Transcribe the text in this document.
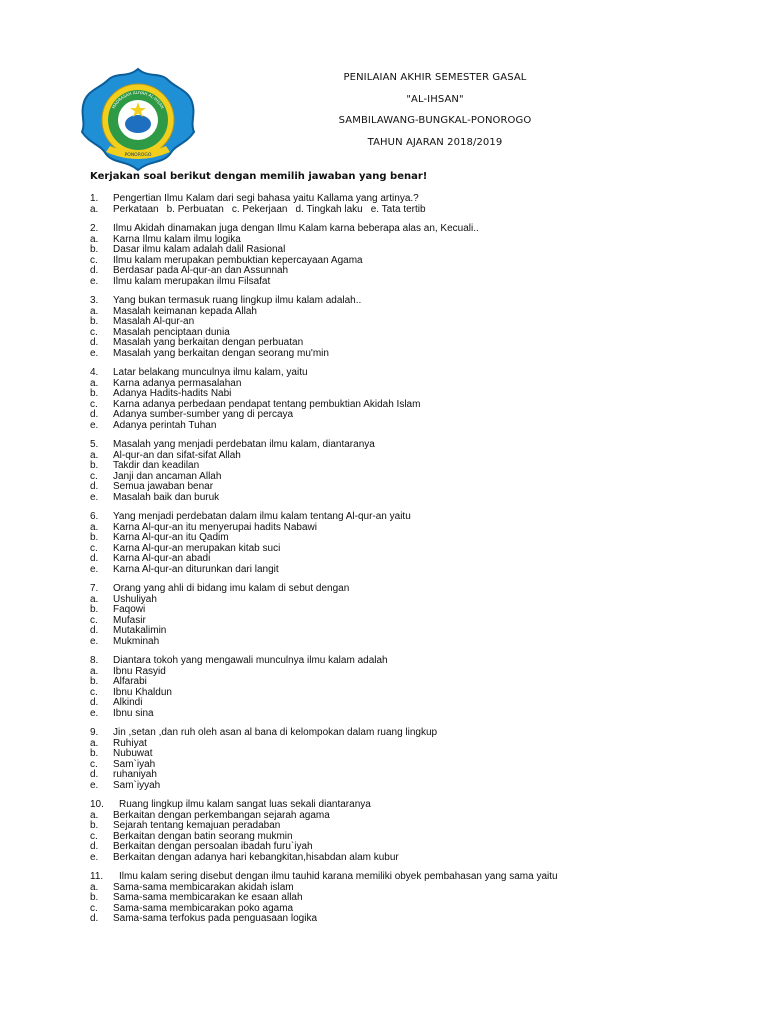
PONOROGO
MADRASAH ALIYAH AL-IHSAN
PENILAIAN AKHIR SEMESTER GASAL
"AL-IHSAN"
SAMBILAWANG-BUNGKAL-PONOROGO
TAHUN AJARAN 2018/2019
Kerjakan soal berikut dengan memilih jawaban yang benar!
1.	Pengertian Ilmu Kalam dari segi bahasa yaitu Kallama yang artinya.?
a.	Perkataan b. Perbuatan c. Pekerjaan d. Tingkah laku e. Tata tertib
2.	Ilmu Akidah dinamakan juga dengan Ilmu Kalam karna beberapa alas an, Kecuali..
a.	Karna Ilmu kalam ilmu logika
b.	Dasar ilmu kalam adalah dalil Rasional
c.	Ilmu kalam merupakan pembuktian kepercayaan Agama
d.	Berdasar pada Al-qur-an dan Assunnah
e.	Ilmu kalam merupakan ilmu Filsafat
3.	Yang bukan termasuk ruang lingkup ilmu kalam adalah..
a.	Masalah keimanan kepada Allah
b.	Masalah Al-qur-an
c.	Masalah penciptaan dunia
d.	Masalah yang berkaitan dengan perbuatan
e.	Masalah yang berkaitan dengan seorang mu'min
4.	Latar belakang munculnya ilmu kalam, yaitu
a.	Karna adanya permasalahan
b.	Adanya Hadits-hadits Nabi
c.	Karna adanya perbedaan pendapat tentang pembuktian Akidah Islam
d.	Adanya sumber-sumber yang di percaya
e.	Adanya perintah Tuhan
5.	Masalah yang menjadi perdebatan ilmu kalam, diantaranya
a.	Al-qur-an dan sifat-sifat Allah
b.	Takdir dan keadilan
c.	Janji dan ancaman Allah
d.	Semua jawaban benar
e.	Masalah baik dan buruk
6.	Yang menjadi perdebatan dalam ilmu kalam tentang Al-qur-an yaitu
a.	Karna Al-qur-an itu menyerupai hadits Nabawi
b.	Karna Al-qur-an itu Qadim
c.	Karna Al-qur-an merupakan kitab suci
d.	Karna Al-qur-an abadi
e.	Karna Al-qur-an diturunkan dari langit
7.	Orang yang ahli di bidang imu kalam di sebut dengan
a.	Ushuliyah
b.	Faqowi
c.	Mufasir
d.	Mutakalimin
e.	Mukminah
8.	Diantara tokoh yang mengawali munculnya ilmu kalam adalah
a.	Ibnu Rasyid
b.	Alfarabi
c.	Ibnu Khaldun
d.	Alkindi
e.	Ibnu sina
9.	Jin ,setan ,dan ruh oleh asan al bana di kelompokan dalam ruang lingkup
a.	Ruhiyat
b.	Nubuwat
c.	Sam`iyah
d.	ruhaniyah
e.	Sam`iyyah
10.	Ruang lingkup ilmu kalam sangat luas sekali diantaranya
a.	Berkaitan dengan perkembangan sejarah agama
b.	Sejarah tentang kemajuan peradaban
c.	Berkaitan dengan batin seorang mukmin
d.	Berkaitan dengan persoalan ibadah furu`iyah
e.	Berkaitan dengan adanya hari kebangkitan,hisabdan alam kubur
11.	Ilmu kalam sering disebut dengan ilmu tauhid karana memiliki obyek pembahasan yang sama yaitu
a.	Sama-sama membicarakan akidah islam
b.	Sama-sama membicarakan ke esaan allah
c.	Sama-sama membicarakan poko agama
d.	Sama-sama terfokus pada penguasaan logika
